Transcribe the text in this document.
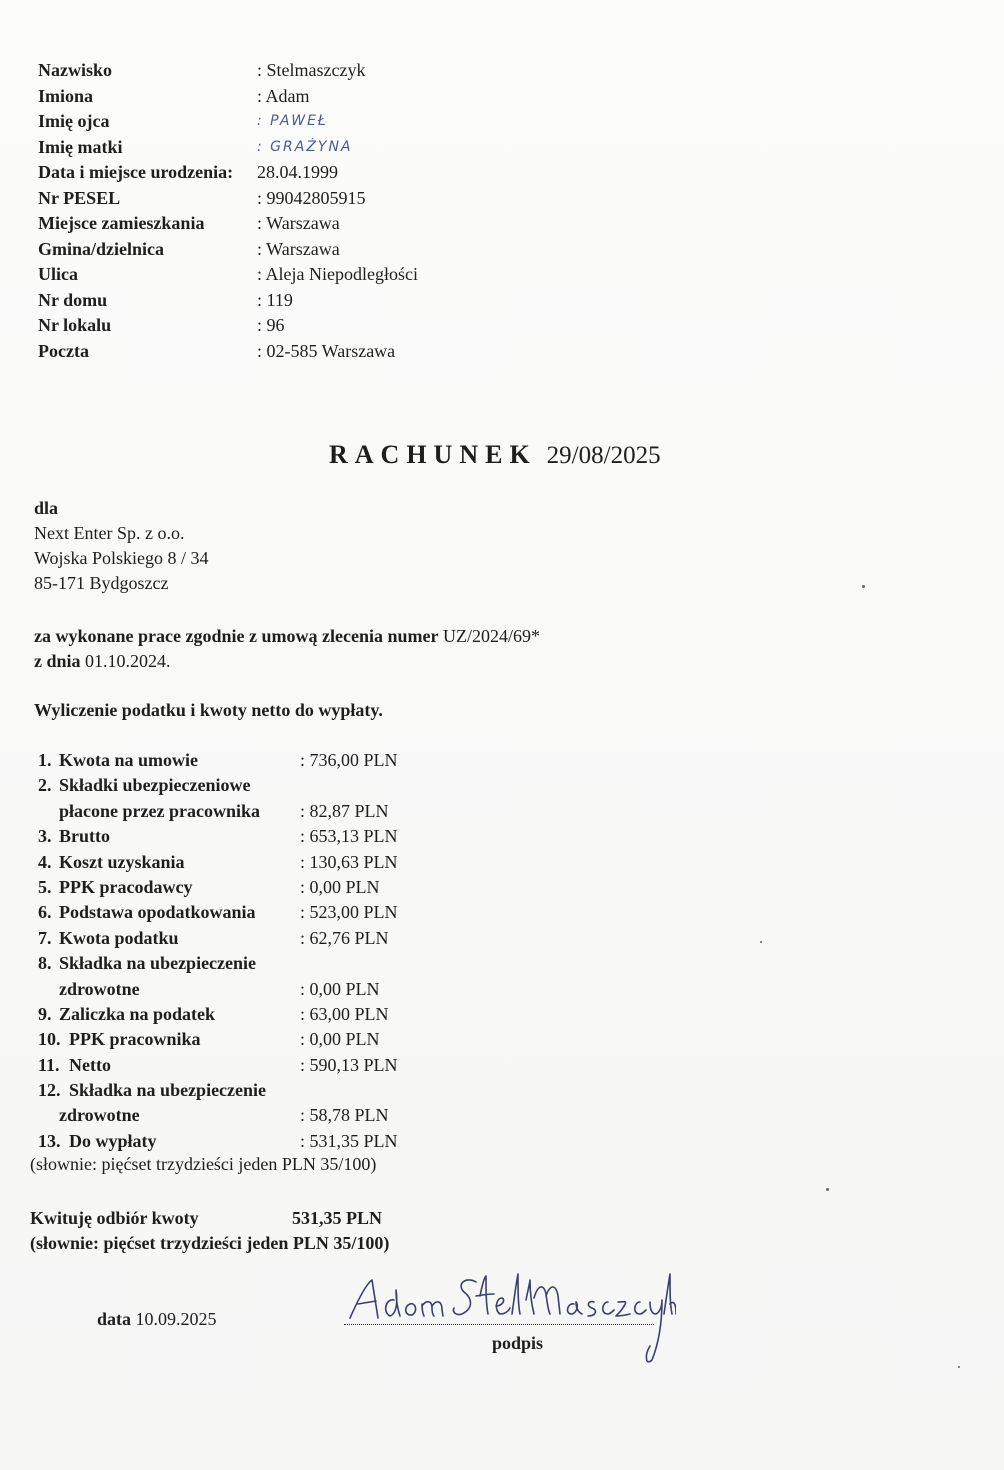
Nazwisko	: Stelmaszczyk
Imiona	: Adam
Imię ojca	: PAWEŁ
Imię matki	: GRAŻYNA
Data i miejsce urodzenia: 28.04.1999
Nr PESEL	: 99042805915
Miejsce zamieszkania	: Warszawa
Gmina/dzielnica	: Warszawa
Ulica	: Aleja Niepodległości
Nr domu	: 119
Nr lokalu	: 96
Poczta	: 02-585 Warszawa
RACHUNEK 29/08/2025
dla
Next Enter Sp. z o.o.
Wojska Polskiego 8 / 34
85-171 Bydgoszcz
za wykonane prace zgodnie z umową zlecenia numer UZ/2024/69*
z dnia 01.10.2024.
Wyliczenie podatku i kwoty netto do wypłaty.
1. Kwota na umowie	: 736,00 PLN
2. Składki ubezpieczeniowe
płacone przez pracownika : 82,87 PLN
3. Brutto	: 653,13 PLN
4. Koszt uzyskania	: 130,63 PLN
5. PPK pracodawcy	: 0,00 PLN
6. Podstawa opodatkowania : 523,00 PLN
7. Kwota podatku	: 62,76 PLN
8. Składka na ubezpieczenie
zdrowotne	: 0,00 PLN
9. Zaliczka na podatek	: 63,00 PLN
10. PPK pracownika	: 0,00 PLN
11. Netto	: 590,13 PLN
12. Składka na ubezpieczenie
zdrowotne	: 58,78 PLN
13. Do wypłaty	: 531,35 PLN
(słownie: pięćset trzydzieści jeden PLN 35/100)
Kwituję odbiór kwoty	531,35 PLN
(słownie: pięćset trzydzieści jeden PLN 35/100)
data 10.09.2025
podpis
